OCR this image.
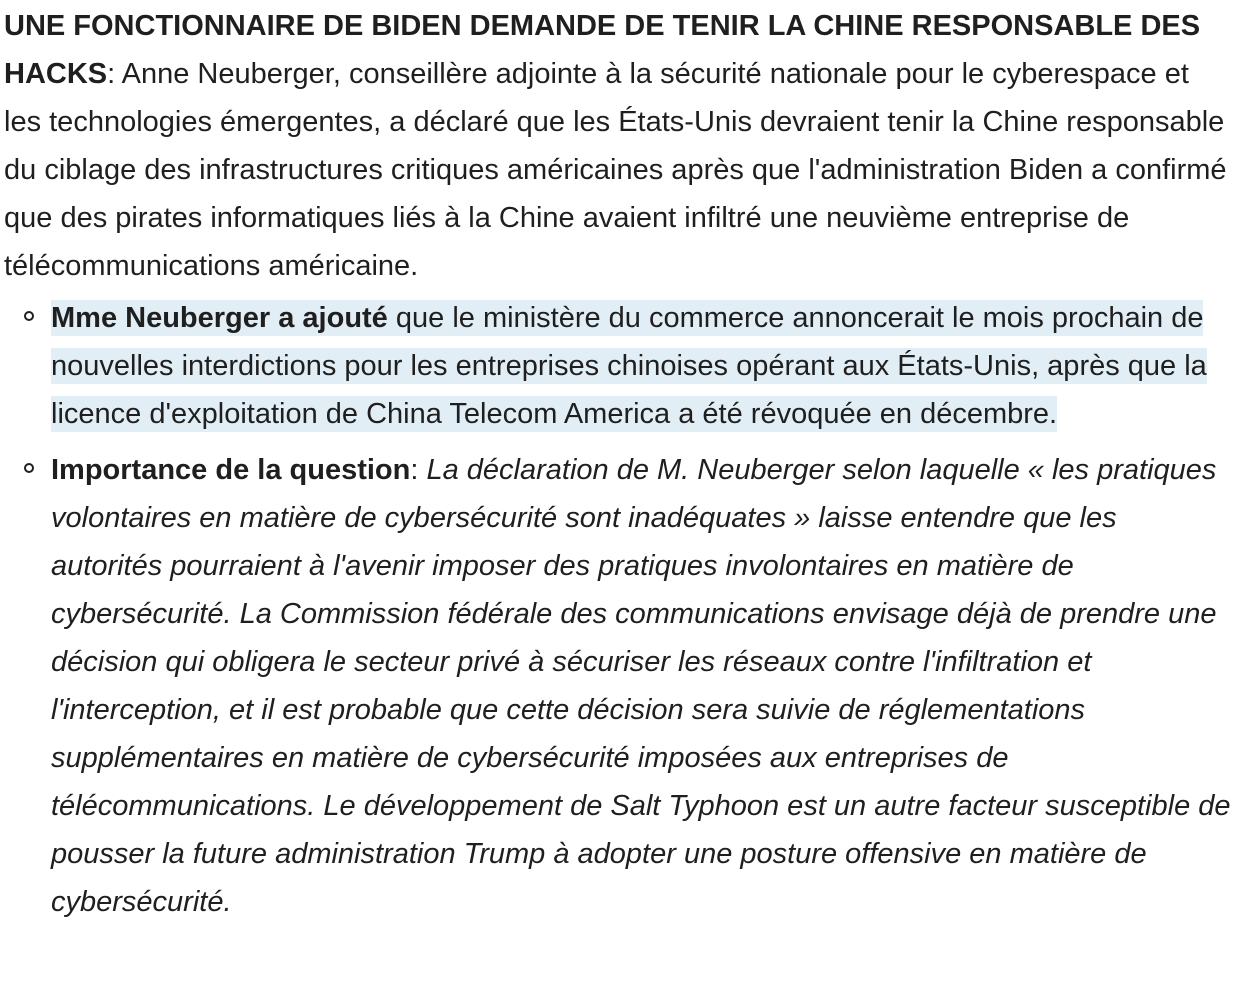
UNE FONCTIONNAIRE DE BIDEN DEMANDE DE TENIR LA CHINE RESPONSABLE DES HACKS: Anne Neuberger, conseillère adjointe à la sécurité nationale pour le cyberespace et les technologies émergentes, a déclaré que les États-Unis devraient tenir la Chine responsable du ciblage des infrastructures critiques américaines après que l'administration Biden a confirmé que des pirates informatiques liés à la Chine avaient infiltré une neuvième entreprise de télécommunications américaine.

Mme Neuberger a ajouté que le ministère du commerce annoncerait le mois prochain de nouvelles interdictions pour les entreprises chinoises opérant aux États-Unis, après que la licence d'exploitation de China Telecom America a été révoquée en décembre.
Importance de la question: La déclaration de M. Neuberger selon laquelle « les pratiques volontaires en matière de cybersécurité sont inadéquates » laisse entendre que les autorités pourraient à l'avenir imposer des pratiques involontaires en matière de cybersécurité. La Commission fédérale des communications envisage déjà de prendre une décision qui obligera le secteur privé à sécuriser les réseaux contre l'infiltration et l'interception, et il est probable que cette décision sera suivie de réglementations supplémentaires en matière de cybersécurité imposées aux entreprises de télécommunications. Le développement de Salt Typhoon est un autre facteur susceptible de pousser la future administration Trump à adopter une posture offensive en matière de cybersécurité.
